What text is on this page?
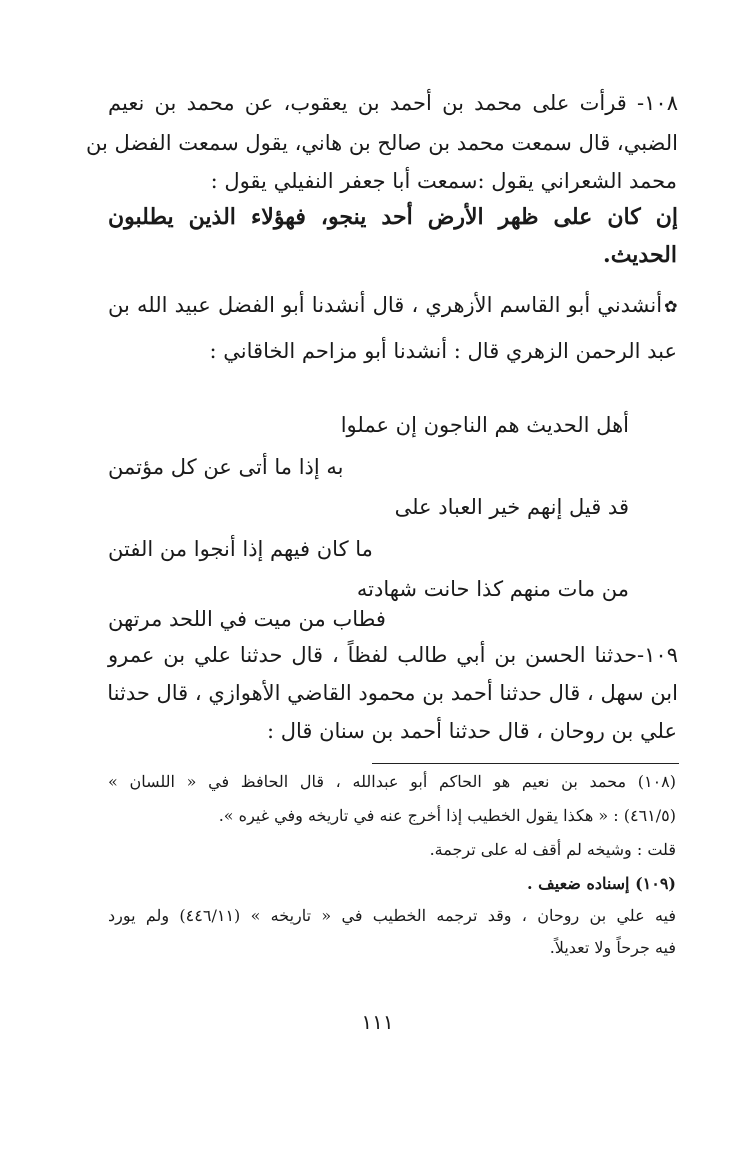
١٠٨- قرأت على محمد بن أحمد بن يعقوب، عن محمد بن نعيم
الضبي، قال سمعت محمد بن صالح بن هاني، يقول سمعت الفضل بن
محمد الشعراني يقول :سمعت أبا جعفر النفيلي يقول :
إن كان على ظهر الأرض أحد ينجو، فهؤلاء الذين يطلبون
الحديث.
✿أنشدني أبو القاسم الأزهري ، قال أنشدنا أبو الفضل عبيد الله بن
عبد الرحمن الزهري قال : أنشدنا أبو مزاحم الخاقاني :
أهل الحديث هم الناجون إن عملوا
به إذا ما أتى عن كل مؤتمن
قد قيل إنهم خير العباد على
ما كان فيهم إذا أنجوا من الفتن
من مات منهم كذا حانت شهادته
فطاب من ميت في اللحد مرتهن
١٠٩-حدثنا الحسن بن أبي طالب لفظاً ، قال حدثنا علي بن عمرو
ابن سهل ، قال حدثنا أحمد بن محمود القاضي الأهوازي ، قال حدثنا
علي بن روحان ، قال حدثنا أحمد بن سنان قال :
(١٠٨) محمد بن نعيم هو الحاكم أبو عبدالله ، قال الحافظ في « اللسان »
(٤٦١/٥) : « هكذا يقول الخطيب إذا أخرج عنه في تاريخه وفي غيره ».
قلت : وشيخه لم أقف له على ترجمة.
(١٠٩) إسناده ضعيف .
فيه علي بن روحان ، وقد ترجمه الخطيب في « تاريخه » (٤٤٦/١١) ولم يورد
فيه جرحاً ولا تعديلاً.
١١١
